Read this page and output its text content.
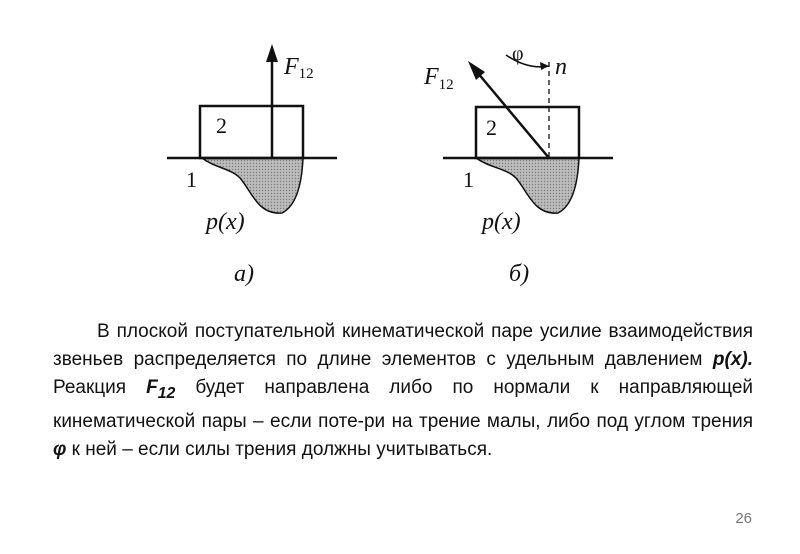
F12
2
1
p(x)
а)
φ n
$F_{12}$
2
1
p(x)
б)

В плоской поступательной кинематической паре усилие взаимодействия звеньев распределяется по длине элементов с удельным давлением p(x). Реакция $F_{12}$ будет направлена либо по нормали к направляющей кинематической пары – если поте-ри на трение малы, либо под углом трения φ к ней – если силы трения должны учитываться.

26
